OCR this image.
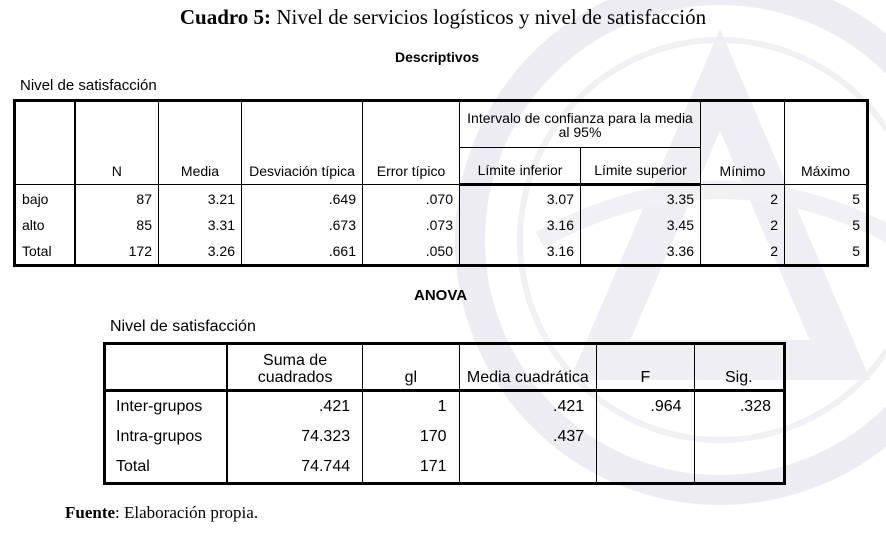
Cuadro 5: Nivel de servicios logísticos y nivel de satisfacción
Descriptivos
Nivel de satisfacción
	N	Media	Desviación típica	Error típico	Intervalo de confianza para la media al 95%		Mínimo	Máximo
					Límite inferior	Límite superior		
bajo	87	3.21	.649	.070	3.07	3.35	2	5
alto	85	3.31	.673	.073	3.16	3.45	2	5
Total	172	3.26	.661	.050	3.16	3.36	2	5
ANOVA
Nivel de satisfacción
	Suma de cuadrados	gl	Media cuadrática	F	Sig.
Inter-grupos	.421	1	.421	.964	.328
Intra-grupos	74.323	170	.437		
Total	74.744	171			
Fuente: Elaboración propia.
